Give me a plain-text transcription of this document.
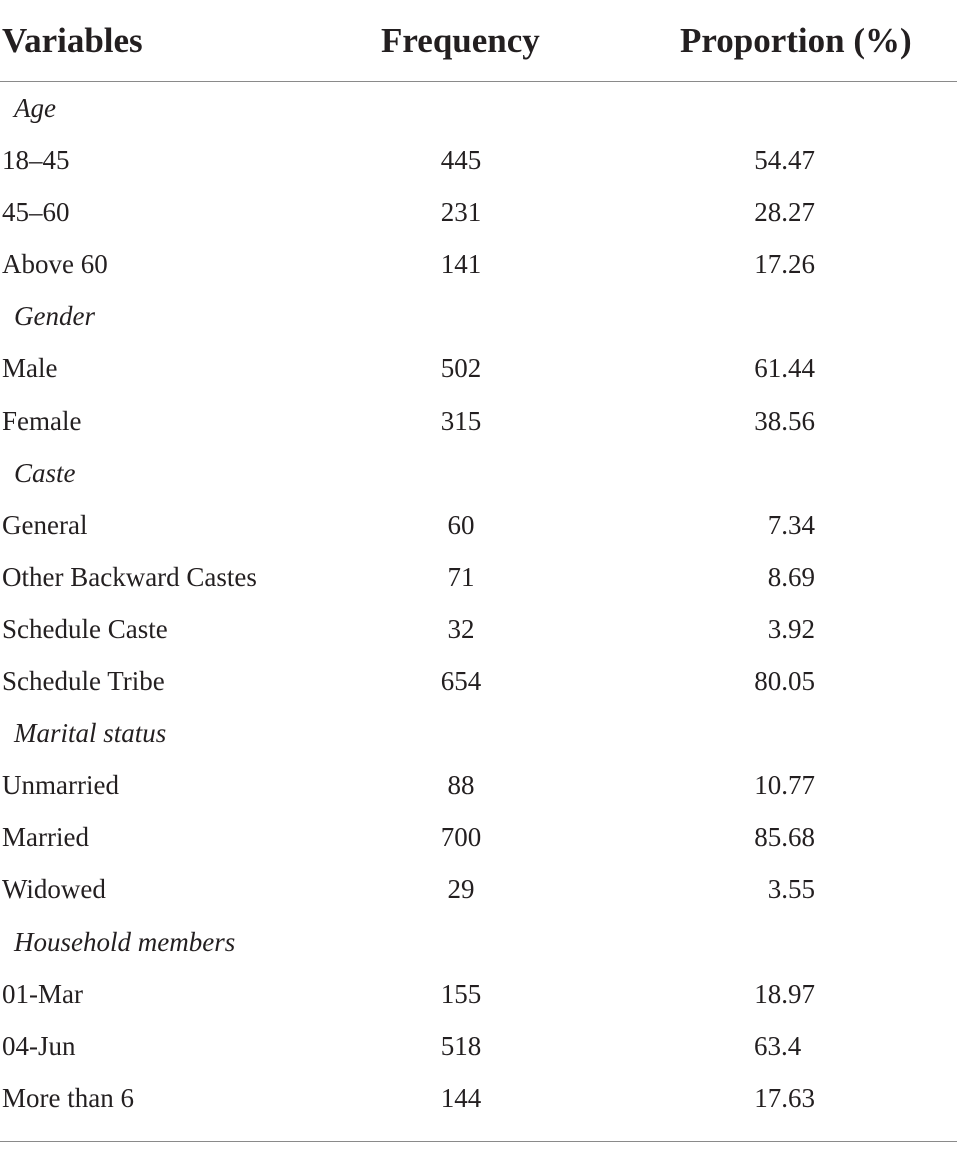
Variables	Frequency	Proportion (%)
Age
18–45	445	54.47
45–60	231	28.27
Above 60	141	17.26
Gender
Male	502	61.44
Female	315	38.56
Caste
General	60	7.34
Other Backward Castes	71	8.69
Schedule Caste	32	3.92
Schedule Tribe	654	80.05
Marital status
Unmarried	88	10.77
Married	700	85.68
Widowed	29	3.55
Household members
01-Mar	155	18.97
04-Jun	518	63.4
More than 6	144	17.63
